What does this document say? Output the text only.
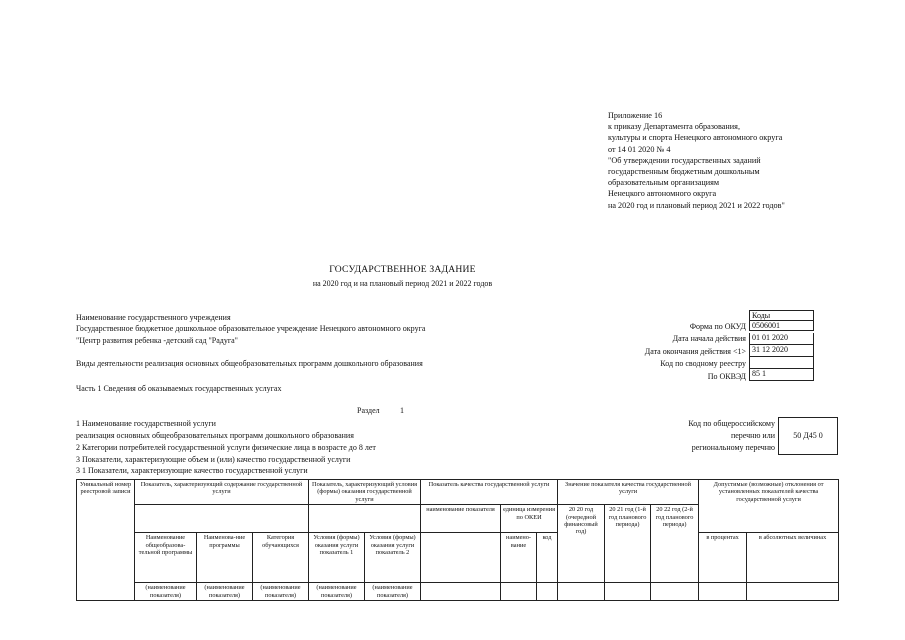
Приложение 16
к приказу Департамента образования,
культуры и спорта Ненецкого автономного округа
от 14 01 2020 № 4
"Об утверждении государственных заданий
государственным бюджетным дошкольным
образовательным организациям
Ненецкого автономного округа
на 2020 год и плановый период 2021 и 2022 годов"
ГОСУДАРСТВЕННОЕ ЗАДАНИЕ
на 2020 год и на плановый период 2021 и 2022 годов
Наименование государственного учреждения
Государственное бюджетное дошкольное образовательное учреждение Ненецкого автономного округа
"Центр развития ребенка -детский сад "Радуга"
Виды деятельности реализация основных общеобразовательных программ дошкольного образования
Коды
Форма по ОКУД 0506001
Дата начала действия 01 01 2020
Дата окончания действия <1> 31 12 2020
Код по сводному реестру
По ОКВЭД 85 1
Часть 1 Сведения об оказываемых государственных услугах
Раздел	1
1 Наименование государственной услуги
реализация основных общеобразовательных программ дошкольного образования
2 Категории потребителей государственной услуги физические лица в возрасте до 8 лет
3 Показатели, характеризующие объем и (или) качество государственной услуги
3 1 Показатели, характеризующие качество государственной услуги
Код по общероссийскому
перечню или
региональному перечню
50 Д45 0
Уникальный номер реестровой записи	Показатель, характеризующий содержание государственной услуги			Показатель, характеризующий условия (формы) оказания государственной услуги		Показатель качества государственной услуги			Значение показателя качества государственной услуги			Допустимые (возможные) отклонения от установленных показателей качества государственной услуги	
						наименование показателя	единица измерения по ОКЕИ		20 20 год (очередной финансовый год)	20 21 год (1-й год планового периода)	20 22 год (2-й год планового периода)		
	Наименование общеобразова-тельной программы	Наименова-ние программы	Категория обучающихся	Условия (формы) оказания услуги показатель 1	Условия (формы) оказания услуги показатель 2		наимено-вание	код				в процентах	в абсолютных величинах
	(наименование показателя)	(наименование показателя)	(наименование показателя)	(наименование показателя)	(наименование показателя)								
